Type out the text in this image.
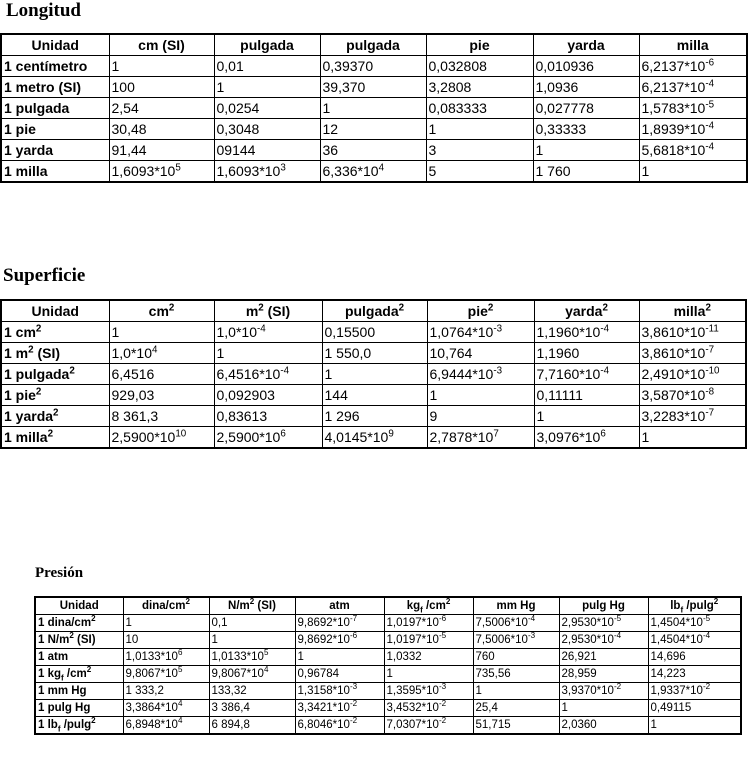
Longitud
Unidad	cm (SI)	pulgada	pulgada	pie	yarda	milla
1 centímetro	1	0,01	0,39370	0,032808	0,010936	$6,2137*10^{-6}$
1 metro (SI)	100	1	39,370	3,2808	1,0936	$6,2137*10^{-4}$
1 pulgada	2,54	0,0254	1	0,083333	0,027778	$1,5783*10^{-5}$
1 pie	30,48	0,3048	12	1	0,33333	$1,8939*10^{-4}$
1 yarda	91,44	09144	36	3	1	$5,6818*10^{-4}$
1 milla	$1,6093*10^5$	$1,6093*10^3$	$6,336*10^4$	5	1 760	1
Superficie
Unidad	$cm^2$	$m^2$ (SI)	pulgada$^2$	pie$^2$	yarda$^2$	milla$^2$
1 $cm^2$	1	$1,0*10^{-4}$	0,15500	$1,0764*10^{-3}$	$1,1960*10^{-4}$	$3,8610*10^{-11}$
1 $m^2$ (SI)	$1,0*10^4$	1	1 550,0	10,764	1,1960	$3,8610*10^{-7}$
1 pulgada$^2$	6,4516	$6,4516*10^{-4}$	1	$6,9444*10^{-3}$	$7,7160*10^{-4}$	$2,4910*10^{-10}$
1 pie$^2$	929,03	0,092903	144	1	0,11111	$3,5870*10^{-8}$
1 yarda$^2$	8 361,3	0,83613	1 296	9	1	$3,2283*10^{-7}$
1 milla$^2$	$2,5900*10^{10}$	$2,5900*10^6$	$4,0145*10^9$	$2,7878*10^7$	$3,0976*10^6$	1
Presión
Unidad	dina/$cm^2$	$N/m^2$ (SI)	atm	$kg_f$ $/cm^2$	mm Hg	pulg Hg	$lb_f$ /pulg$^2$
1 dina/$cm^2$	1	0,1	$9,8692*10^{-7}$	$1,0197*10^{-6}$	$7,5006*10^{-4}$	$2,9530*10^{-5}$	$1,4504*10^{-5}$
1 $N/m^2$ (SI)	10	1	$9,8692*10^{-6}$	$1,0197*10^{-5}$	$7,5006*10^{-3}$	$2,9530*10^{-4}$	$1,4504*10^{-4}$
1 atm	$1,0133*10^6$	$1,0133*10^5$	1	1,0332	760	26,921	14,696
1 $kg_f$ $/cm^2$	$9,8067*10^5$	$9,8067*10^4$	0,96784	1	735,56	28,959	14,223
1 mm Hg	1 333,2	133,32	$1,3158*10^{-3}$	$1,3595*10^{-3}$	1	$3,9370*10^{-2}$	$1,9337*10^{-2}$
1 pulg Hg	$3,3864*10^4$	3 386,4	$3,3421*10^{-2}$	$3,4532*10^{-2}$	25,4	1	0,49115
1 $lb_f$ /pulg$^2$	$6,8948*10^4$	6 894,8	$6,8046*10^{-2}$	$7,0307*10^{-2}$	51,715	2,0360	1
